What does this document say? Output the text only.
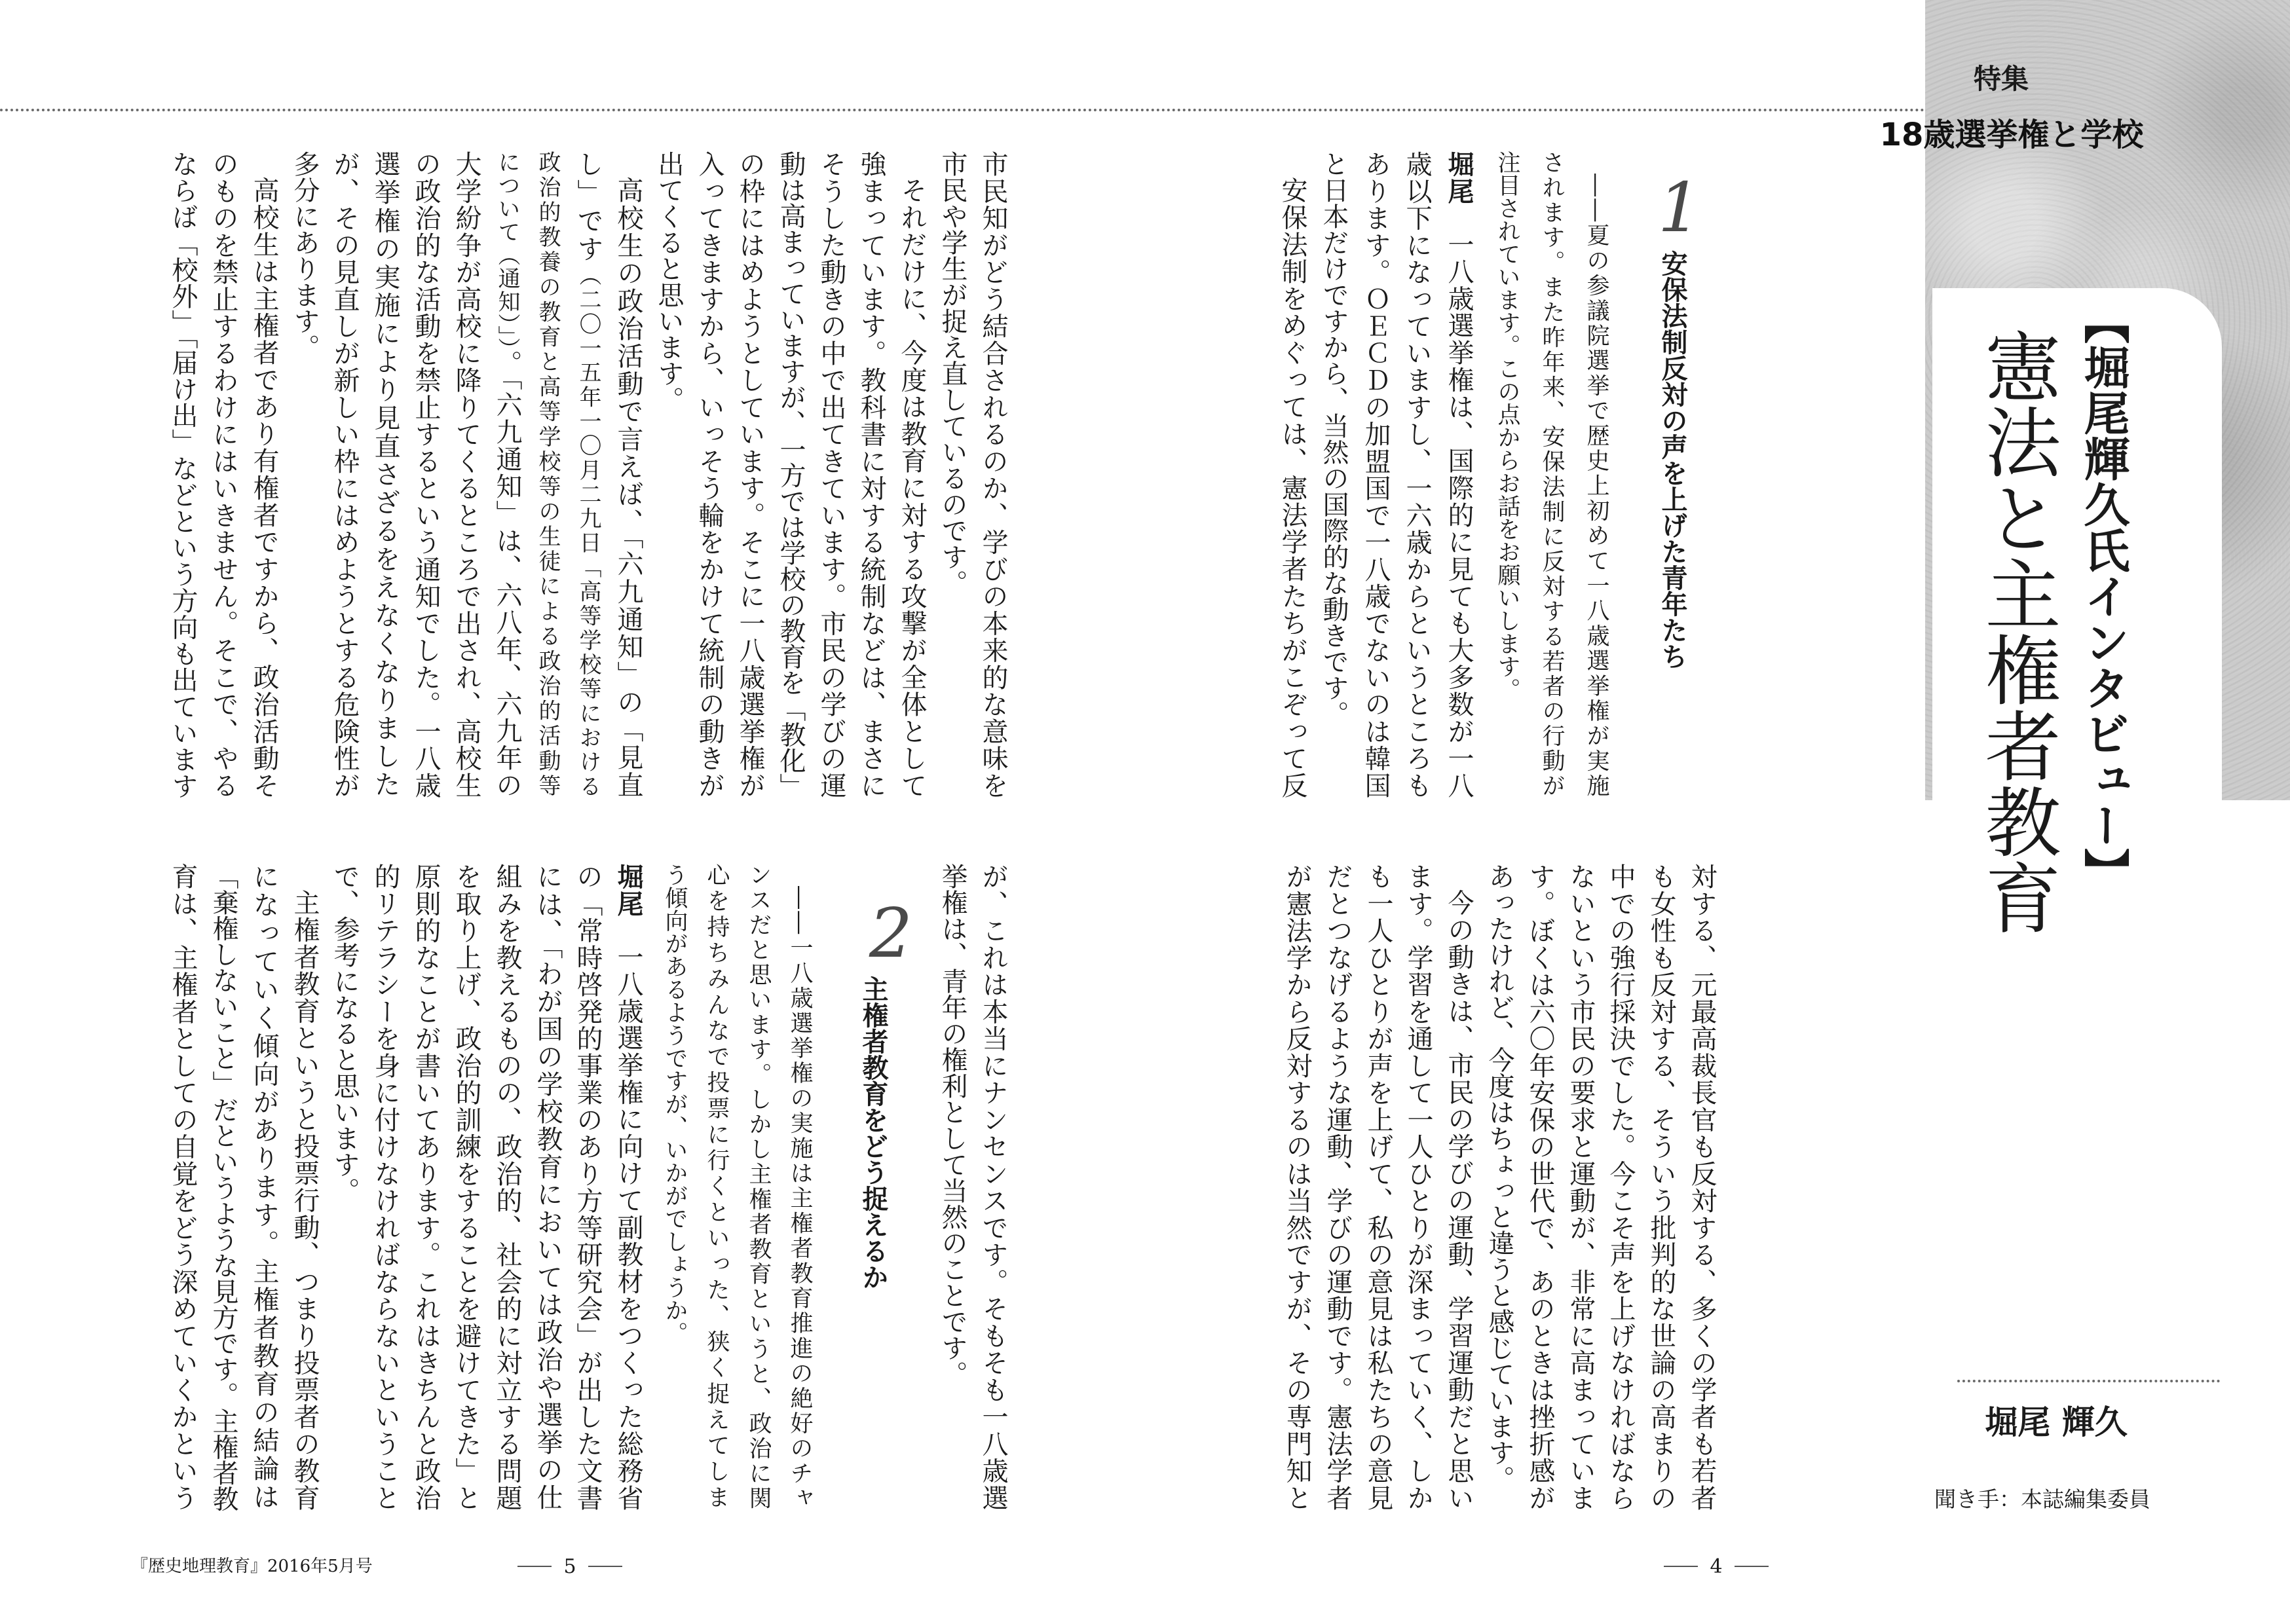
特集
18歳選挙権と学校
【堀尾輝久氏インタビュー】
憲法と主権者教育
堀尾 輝久
聞き手：本誌編集委員
1
安保法制反対の声を上げた青年たち
――夏の参議院選挙で歴史上初めて一八歳選挙権が実施
されます。また昨年来、安保法制に反対する若者の行動が
注目されています。この点からお話をお願いします。
堀尾一八歳選挙権は、国際的に見ても大多数が一八
歳以下になっていますし、一六歳からというところも
あります。ＯＥＣＤの加盟国で一八歳でないのは韓国
と日本だけですから、当然の国際的な動きです。
安保法制をめぐっては、憲法学者たちがこぞって反
対する、元最高裁長官も反対する、多くの学者も若者
も女性も反対する、そういう批判的な世論の高まりの
中での強行採決でした。今こそ声を上げなければなら
ないという市民の要求と運動が、非常に高まっていま
す。ぼくは六〇年安保の世代で、あのときは挫折感が
あったけれど、今度はちょっと違うと感じています。
今の動きは、市民の学びの運動、学習運動だと思い
ます。学習を通して一人ひとりが深まっていく、しか
も一人ひとりが声を上げて、私の意見は私たちの意見
だとつなげるような運動、学びの運動です。憲法学者
が憲法学から反対するのは当然ですが、その専門知と
4
市民知がどう結合されるのか、学びの本来的な意味を
市民や学生が捉え直しているのです。
それだけに、今度は教育に対する攻撃が全体として
強まっています。教科書に対する統制などは、まさに
そうした動きの中で出てきています。市民の学びの運
動は高まっていますが、一方では学校の教育を「教化」
の枠にはめようとしています。そこに一八歳選挙権が
入ってきますから、いっそう輪をかけて統制の動きが
出てくると思います。
高校生の政治活動で言えば、「六九通知」の「見直
し」です（二〇一五年一〇月二九日「高等学校等における
政治的教養の教育と高等学校等の生徒による政治的活動等
について（通知）」）。「六九通知」は、六八年、六九年の
大学紛争が高校に降りてくるところで出され、高校生
の政治的な活動を禁止するという通知でした。一八歳
選挙権の実施により見直さざるをえなくなりました
が、その見直しが新しい枠にはめようとする危険性が
多分にあります。
高校生は主権者であり有権者ですから、政治活動そ
のものを禁止するわけにはいきません。そこで、やる
ならば「校外」「届け出」などという方向も出ています
が、これは本当にナンセンスです。そもそも一八歳選
挙権は、青年の権利として当然のことです。
2
主権者教育をどう捉えるか
――一八歳選挙権の実施は主権者教育推進の絶好のチャ
ンスだと思います。しかし主権者教育というと、政治に関
心を持ちみんなで投票に行くといった、狭く捉えてしま
う傾向があるようですが、いかがでしょうか。
堀尾一八歳選挙権に向けて副教材をつくった総務省
の「常時啓発的事業のあり方等研究会」が出した文書
には、「わが国の学校教育においては政治や選挙の仕
組みを教えるものの、政治的、社会的に対立する問題
を取り上げ、政治的訓練をすることを避けてきた」と
原則的なことが書いてあります。これはきちんと政治
的リテラシーを身に付けなければならないということ
で、参考になると思います。
主権者教育というと投票行動、つまり投票者の教育
になっていく傾向があります。主権者教育の結論は
「棄権しないこと」だというような見方です。主権者教
育は、主権者としての自覚をどう深めていくかという
『歴史地理教育』2016年5月号	5
